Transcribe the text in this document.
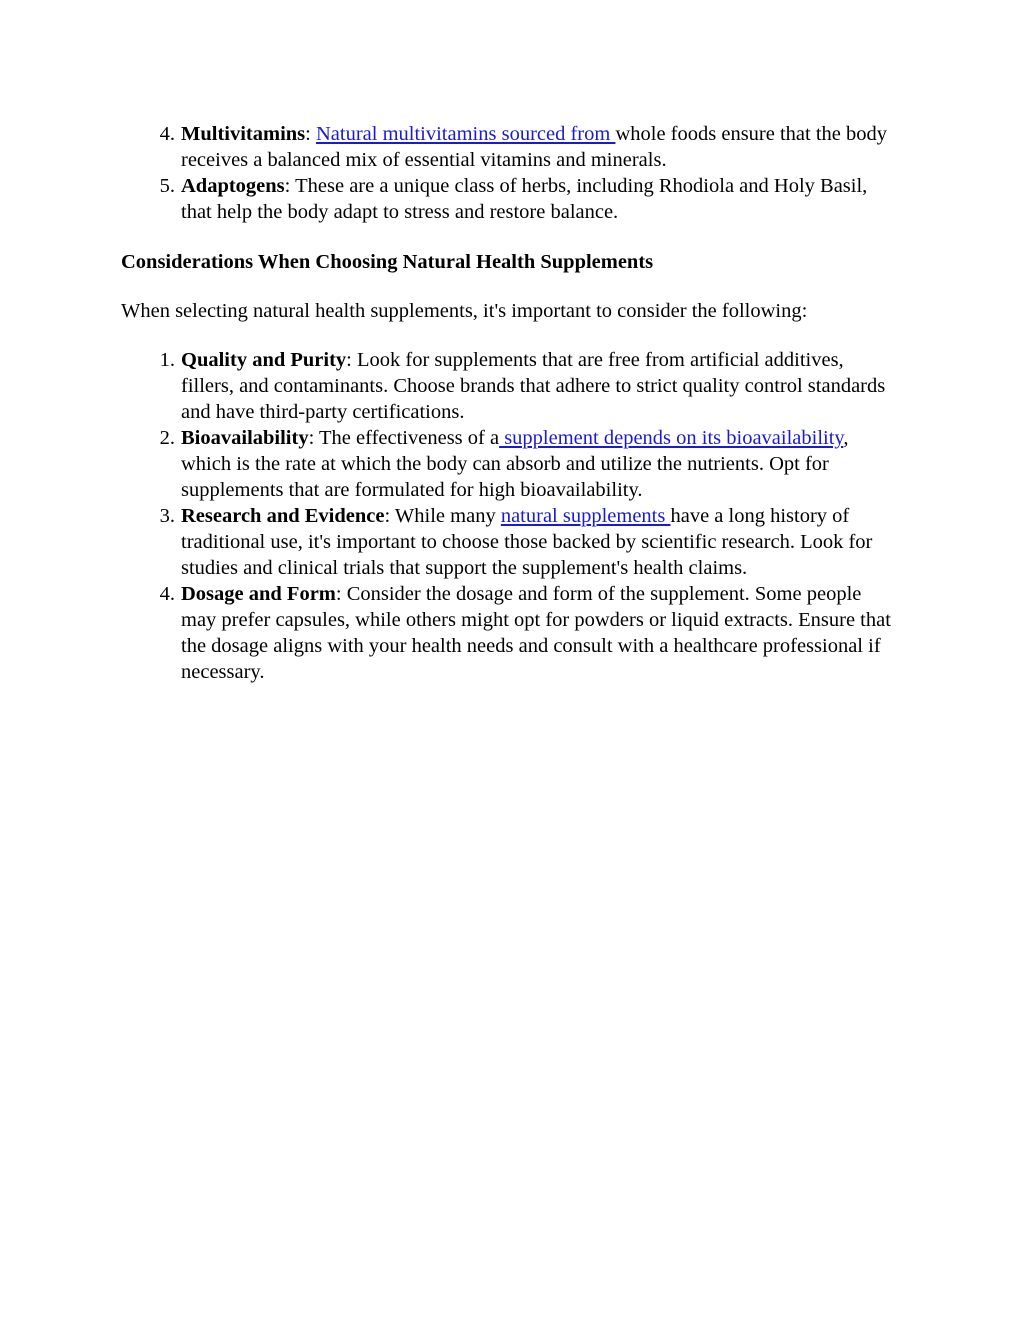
4. Multivitamins: Natural multivitamins sourced from whole foods ensure that the body receives a balanced mix of essential vitamins and minerals.
5. Adaptogens: These are a unique class of herbs, including Rhodiola and Holy Basil, that help the body adapt to stress and restore balance.
Considerations When Choosing Natural Health Supplements

When selecting natural health supplements, it's important to consider the following:

1. Quality and Purity: Look for supplements that are free from artificial additives, fillers, and contaminants. Choose brands that adhere to strict quality control standards and have third-party certifications.
2. Bioavailability: The effectiveness of a supplement depends on its bioavailability, which is the rate at which the body can absorb and utilize the nutrients. Opt for supplements that are formulated for high bioavailability.
3. Research and Evidence: While many natural supplements have a long history of traditional use, it's important to choose those backed by scientific research. Look for studies and clinical trials that support the supplement's health claims.
4. Dosage and Form: Consider the dosage and form of the supplement. Some people may prefer capsules, while others might opt for powders or liquid extracts. Ensure that the dosage aligns with your health needs and consult with a healthcare professional if necessary.
